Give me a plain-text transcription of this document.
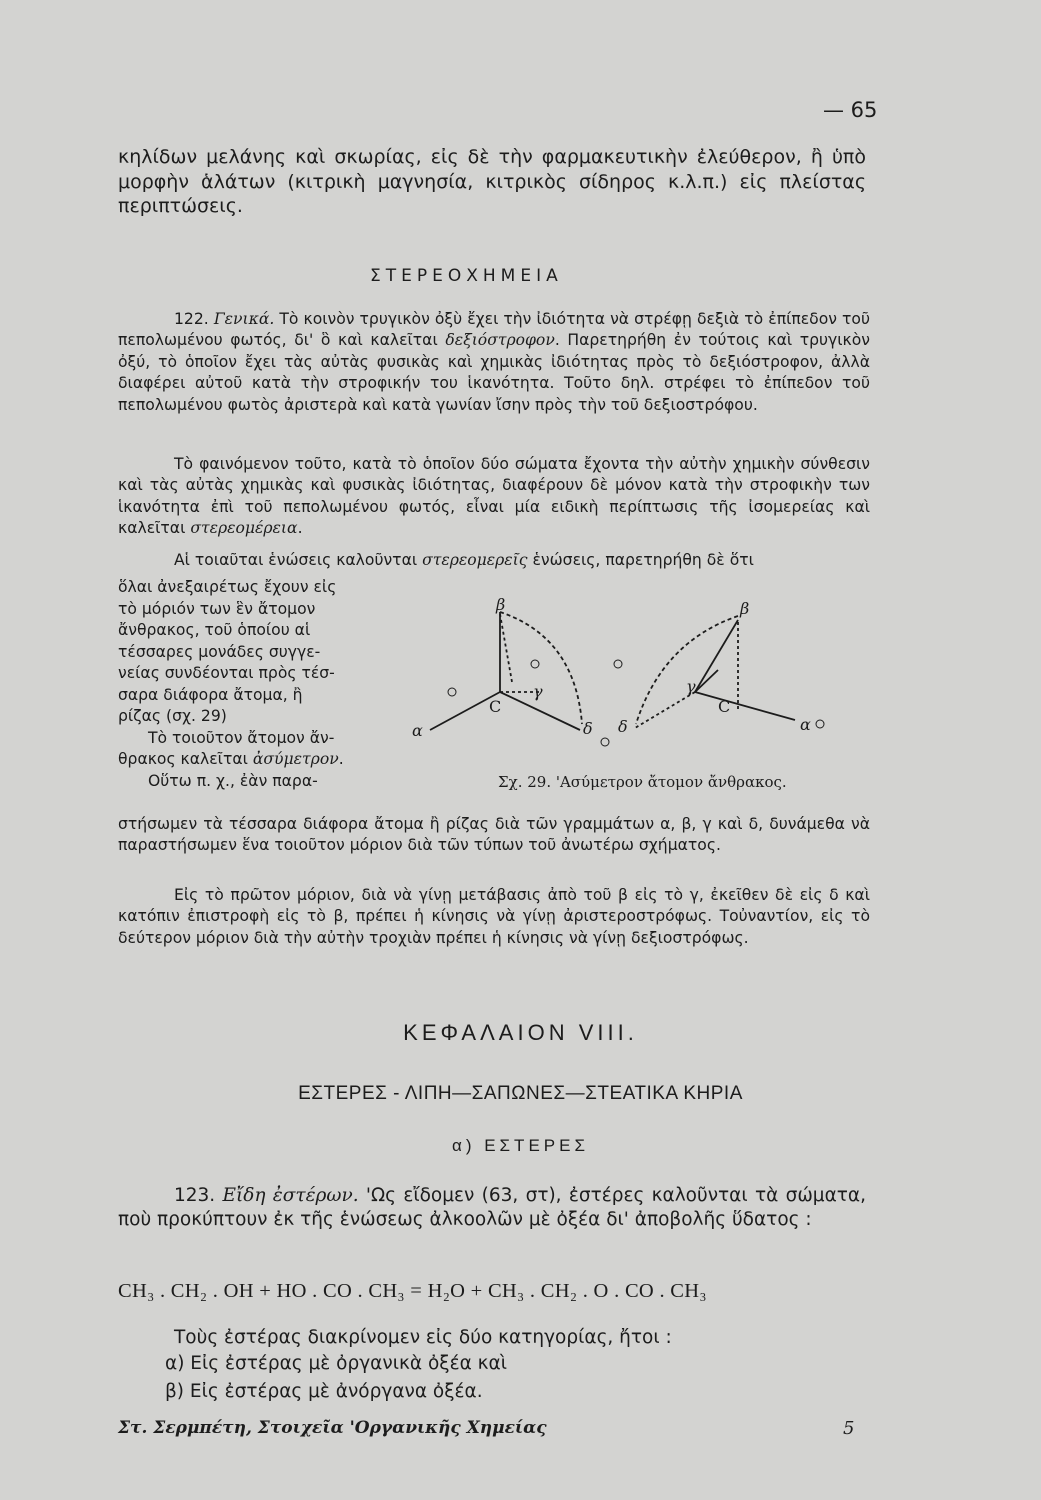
— 65

κηλίδων μελάνης καὶ σκωρίας, εἰς δὲ τὴν φαρμακευτικὴν ἐλεύθερον, ἢ ὑπὸ μορφὴν ἁλάτων (κιτρικὴ μαγνησία, κιτρικὸς σίδηρος κ.λ.π.) εἰς πλείστας περιπτώσεις.

ΣΤΕΡΕΟΧΗΜΕΙΑ

122. Γενικά. Τὸ κοινὸν τρυγικὸν ὀξὺ ἔχει τὴν ἰδιότητα νὰ στρέφῃ δεξιὰ τὸ ἐπίπεδον τοῦ πεπολωμένου φωτός, δι' ὃ καὶ καλεῖται δεξιόστροφον. Παρετηρήθη ἐν τούτοις καὶ τρυγικὸν ὀξύ, τὸ ὁποῖον ἔχει τὰς αὐτὰς φυσικὰς καὶ χημικὰς ἰδιότητας πρὸς τὸ δεξιόστροφον, ἀλλὰ διαφέρει αὐτοῦ κατὰ τὴν στροφικήν του ἱκανότητα. Τοῦτο δηλ. στρέφει τὸ ἐπίπεδον τοῦ πεπολωμένου φωτὸς ἀριστερὰ καὶ κατὰ γωνίαν ἴσην πρὸς τὴν τοῦ δεξιοστρόφου.

Τὸ φαινόμενον τοῦτο, κατὰ τὸ ὁποῖον δύο σώματα ἔχοντα τὴν αὐτὴν χημικὴν σύνθεσιν καὶ τὰς αὐτὰς χημικὰς καὶ φυσικὰς ἰδιότητας, διαφέρουν δὲ μόνον κατὰ τὴν στροφικὴν των ἱκανότητα ἐπὶ τοῦ πεπολωμένου φωτός, εἶναι μία ειδικὴ περίπτωσις τῆς ἰσομερείας καὶ καλεῖται στερεομέρεια.

Αἱ τοιαῦται ἑνώσεις καλοῦνται στερεομερεῖς ἑνώσεις, παρετηρήθη δὲ ὅτι

ὅλαι ἀνεξαιρέτως ἔχουν εἰς

τὸ μόριόν των ἓν ἄτομον

ἄνθρακος, τοῦ ὁποίου αἱ

τέσσαρες μονάδες συγγε-

νείας συνδέονται πρὸς τέσ-

σαρα διάφορα ἄτομα, ἢ

ρίζας (σχ. 29)

Τὸ τοιοῦτον ἄτομον ἄν-

θρακος καλεῖται ἀσύμετρον.

Οὕτω π. χ., ἐὰν παρα-

α
β
γ
δ
C
β
γ
δ	α
C
Σχ. 29. 'Ασύμετρον ἄτομον ἄνθρακος.

στήσωμεν τὰ τέσσαρα διάφορα ἄτομα ἢ ρίζας διὰ τῶν γραμμάτων α, β, γ καὶ δ, δυνάμεθα νὰ παραστήσωμεν ἕνα τοιοῦτον μόριον διὰ τῶν τύπων τοῦ ἀνωτέρω σχήματος.

Εἰς τὸ πρῶτον μόριον, διὰ νὰ γίνῃ μετάβασις ἀπὸ τοῦ β εἰς τὸ γ, ἐκεῖθεν δὲ εἰς δ καὶ κατόπιν ἐπιστροφὴ εἰς τὸ β, πρέπει ἡ κίνησις νὰ γίνῃ ἀριστεροστρόφως. Τοὐναντίον, εἰς τὸ δεύτερον μόριον διὰ τὴν αὐτὴν τροχιὰν πρέπει ἡ κίνησις νὰ γίνῃ δεξιοστρόφως.

ΚΕΦΑΛΑΙΟΝ VIII.
ΕΣΤΕΡΕΣ - ΛΙΠΗ—ΣΑΠΩΝΕΣ—ΣΤΕΑΤΙΚΑ ΚΗΡΙΑ
α) ΕΣΤΕΡΕΣ

123. Εἴδη ἐστέρων. 'Ως εἴδομεν (63, στ), ἐστέρες καλοῦνται τὰ σώματα, ποὺ προκύπτουν ἐκ τῆς ἑνώσεως ἀλκοολῶν μὲ ὀξέα δι' ἀποβολῆς ὕδατος :

CH₃ . CH₂ . OH + HO . CO . CH₃ = H₂O + CH₃ . CH₂ . O . CO . CH₃

Τοὺς ἐστέρας διακρίνομεν εἰς δύο κατηγορίας, ἤτοι :

α) Εἰς ἐστέρας μὲ ὀργανικὰ ὀξέα καὶ
β) Εἰς ἐστέρας μὲ ἀνόργανα ὀξέα.
Στ. Σερμπέτη, Στοιχεῖα 'Οργανικῆς Χημείας	5
